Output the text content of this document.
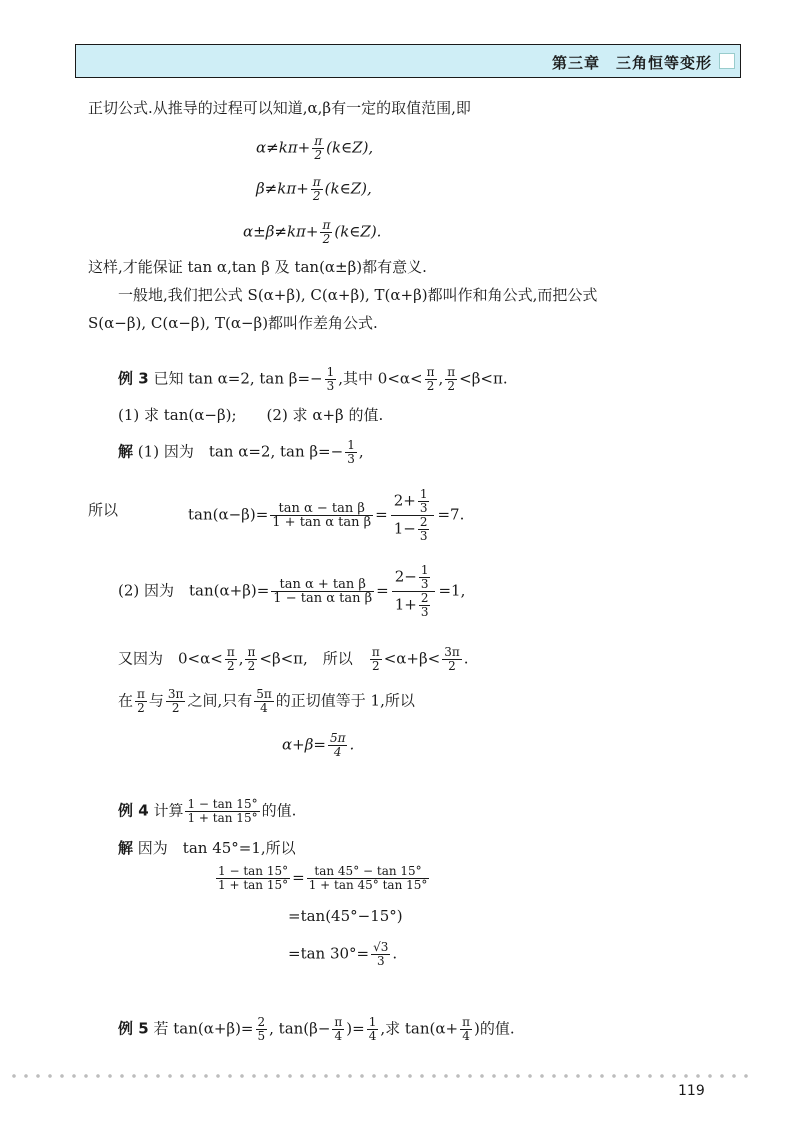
第三章　三角恒等变形
正切公式.从推导的过程可以知道,α,β有一定的取值范围,即
$\alpha\ne k\pi+ \frac{\pi}{2}$ (k∈Z),
$\beta\ne k\pi+ \frac{\pi}{2}$ (k∈Z),
$\alpha\pm\beta\ne k\pi+ \frac{\pi}{2}$ (k∈Z).
这样,才能保证 tan α,tan β 及 tan(α±β)都有意义.
一般地,我们把公式 S(α+β), C(α+β), T(α+β)都叫作和角公式,而把公式
S(α−β), C(α−β), T(α−β)都叫作差角公式.
例 3 已知 tan α=2, $\tan \beta=- \frac{1}{3}$ ,其中 $0<\alpha< \frac{\pi}{2}$ , $\frac{\pi}{2} <\beta<\pi$.
(1) 求 tan(α−β);　　(2) 求 α+β 的值.
解 (1) 因为　tan α=2, $\tan \beta=- \frac{1}{3}$ ,
所以	$\tan(\alpha-\beta)= \frac{\text{tan α − tan β}}{\text{1 + tan α tan β}} = \frac{2+ \frac{1}{3}}{1- \frac{2}{3}} =7$.
(2) 因为　$\tan(\alpha+\beta)= \frac{\text{tan α + tan β}}{\text{1 − tan α tan β}} = \frac{2- \frac{1}{3}}{1+ \frac{2}{3}} =1$,
又因为　$0<\alpha< \frac{\pi}{2}$ , $\frac{\pi}{2} <\beta<\pi$,　所以　 $\frac{\pi}{2} <\alpha+\beta< \frac{3\pi}{2}$ .
在 $\frac{\pi}{2}$ 与 $\frac{3\pi}{2}$ 之间,只有 $\frac{5\pi}{4}$ 的正切值等于 1,所以
$\alpha+\beta= \frac{5\pi}{4}$ .
例 4 计算 $\frac{1 - \tan 15^\circ}{1 + \tan 15^\circ}$ 的值.
解 因为　tan 45°=1,所以
$\frac{1 - \tan 15^\circ}{1 + \tan 15^\circ} = \frac{\tan 45^\circ - \tan 15^\circ}{1 + \tan 45^\circ \tan 15^\circ}$
=tan(45°−15°)
=tan $30^\circ= \frac{√3}{3}$ .
例 5 若 $\tan(\alpha+\beta)= \frac{2}{5}$ , $\tan(\beta- \frac{\pi}{4}$ )= $\frac{1}{4}$ ,求 $\tan(\alpha+ \frac{\pi}{4}$ )的值.
119
